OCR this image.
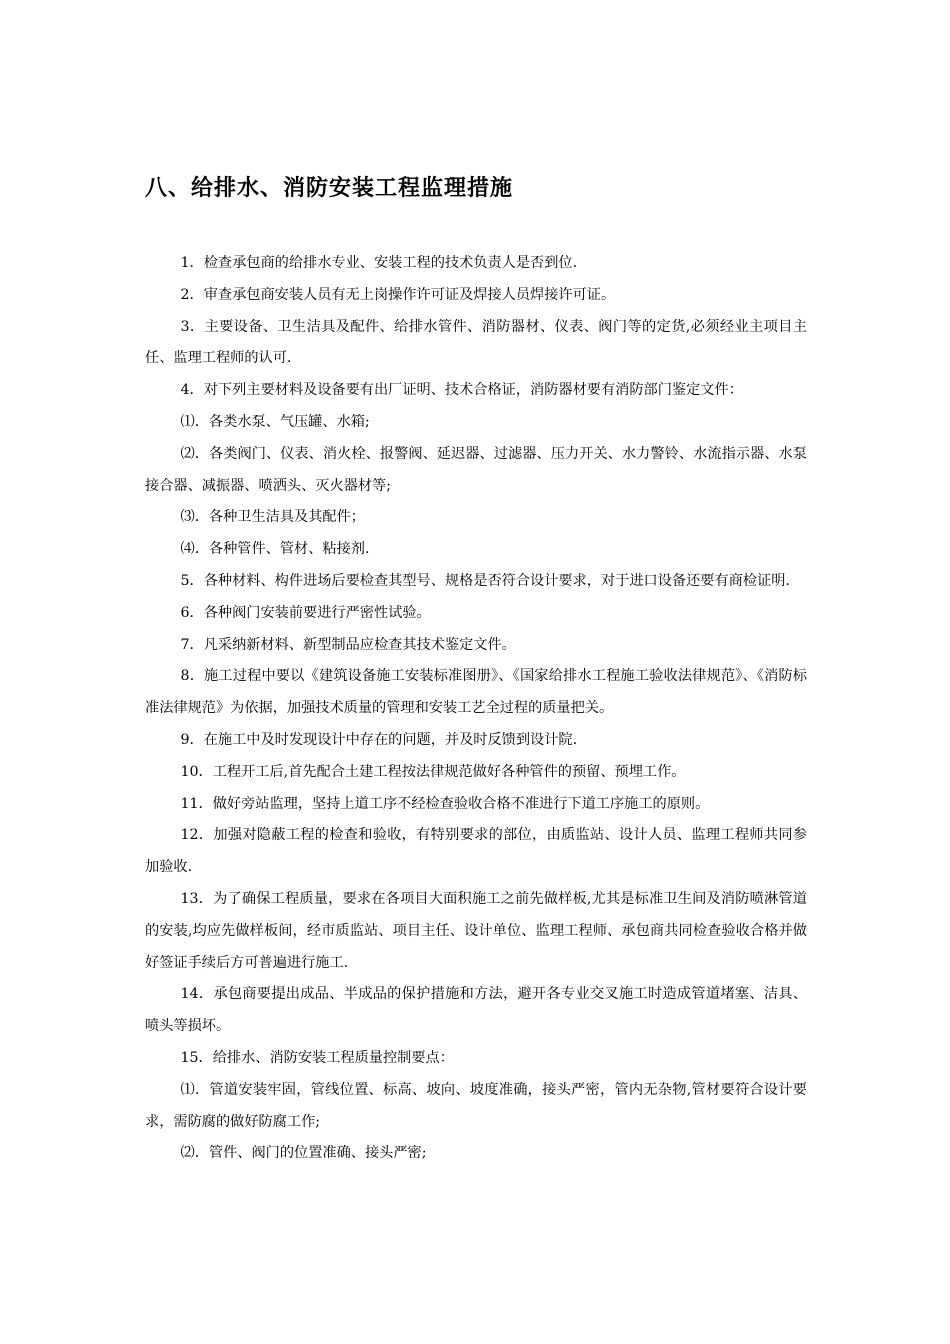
八、给排水、消防安装工程监理措施

1．检查承包商的给排水专业、安装工程的技术负责人是否到位.

2．审查承包商安装人员有无上岗操作许可证及焊接人员焊接许可证。

3．主要设备、卫生洁具及配件、给排水管件、消防器材、仪表、阀门等的定货,必须经业主项目主任、监理工程师的认可.

4．对下列主要材料及设备要有出厂证明、技术合格证，消防器材要有消防部门鉴定文件：

⑴．各类水泵、气压罐、水箱;

⑵．各类阀门、仪表、消火栓、报警阀、延迟器、过滤器、压力开关、水力警铃、水流指示器、水泵接合器、减振器、喷洒头、灭火器材等;

⑶．各种卫生洁具及其配件；

⑷．各种管件、管材、粘接剂.

5．各种材料、构件进场后要检查其型号、规格是否符合设计要求，对于进口设备还要有商检证明.

6．各种阀门安装前要进行严密性试验。

7．凡采纳新材料、新型制品应检查其技术鉴定文件。

8．施工过程中要以《建筑设备施工安装标准图册》、《国家给排水工程施工验收法律规范》、《消防标准法律规范》为依据，加强技术质量的管理和安装工艺全过程的质量把关。

9．在施工中及时发现设计中存在的问题，并及时反馈到设计院.

10．工程开工后,首先配合土建工程按法律规范做好各种管件的预留、预埋工作。

11．做好旁站监理，坚持上道工序不经检查验收合格不准进行下道工序施工的原则。

12．加强对隐蔽工程的检查和验收，有特别要求的部位，由质监站、设计人员、监理工程师共同参加验收.

13．为了确保工程质量，要求在各项目大面积施工之前先做样板,尤其是标准卫生间及消防喷淋管道的安装,均应先做样板间，经市质监站、项目主任、设计单位、监理工程师、承包商共同检查验收合格并做好签证手续后方可普遍进行施工.

14．承包商要提出成品、半成品的保护措施和方法，避开各专业交叉施工时造成管道堵塞、洁具、喷头等损坏。

15．给排水、消防安装工程质量控制要点：

⑴．管道安装牢固，管线位置、标高、坡向、坡度准确，接头严密，管内无杂物,管材要符合设计要求，需防腐的做好防腐工作;

⑵．管件、阀门的位置准确、接头严密;
